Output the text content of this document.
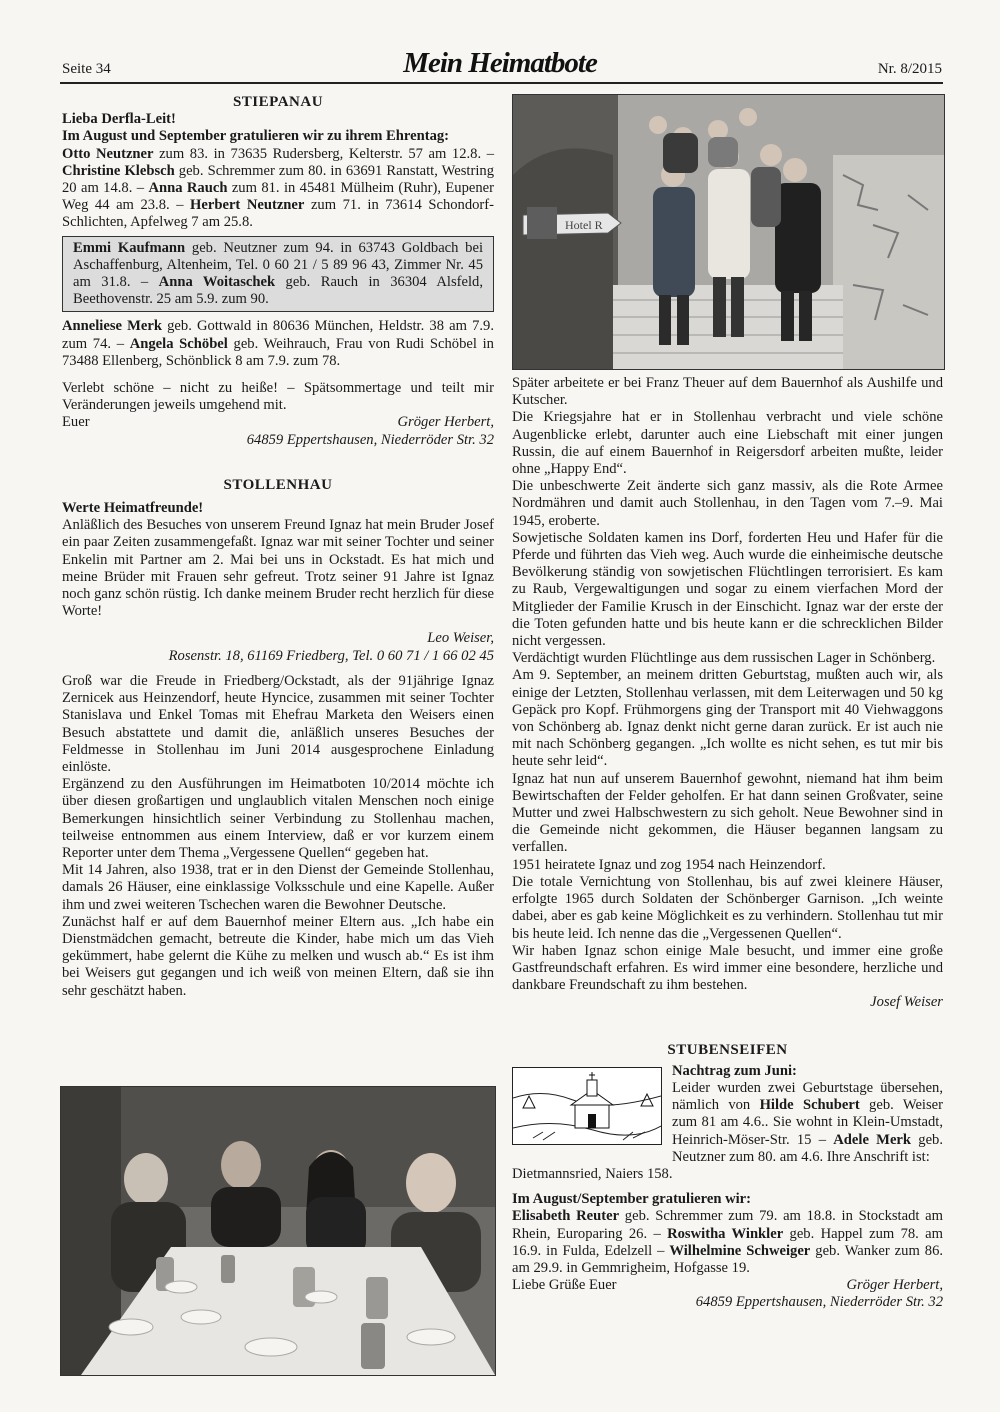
Seite 34	Mein Heimatbote	Nr. 8/2015

STIEPANAU

Lieba Derfla-Leit!

Im August und September gratulieren wir zu ihrem Ehrentag:

Otto Neutzner zum 83. in 73635 Rudersberg, Kelterstr. 57 am 12.8. – Christine Klebsch geb. Schremmer zum 80. in 63691 Ranstatt, Westring 20 am 14.8. – Anna Rauch zum 81. in 45481 Mülheim (Ruhr), Eupener Weg 44 am 23.8. – Herbert Neutzner zum 71. in 73614 Schondorf-Schlichten, Apfelweg 7 am 25.8.

Emmi Kaufmann geb. Neutzner zum 94. in 63743 Goldbach bei Aschaffenburg, Altenheim, Tel. 0 60 21 / 5 89 96 43, Zimmer Nr. 45 am 31.8. – Anna Woitaschek geb. Rauch in 36304 Alsfeld, Beethovenstr. 25 am 5.9. zum 90.

Anneliese Merk geb. Gottwald in 80636 München, Heldstr. 38 am 7.9. zum 74. – Angela Schöbel geb. Weihrauch, Frau von Rudi Schöbel in 73488 Ellenberg, Schönblick 8 am 7.9. zum 78.

Verlebt schöne – nicht zu heiße! – Spätsommertage und teilt mir Veränderungen jeweils umgehend mit.

Euer	Gröger Herbert,

64859 Eppertshausen, Niederröder Str. 32

STOLLENHAU

Werte Heimatfreunde!

Anläßlich des Besuches von unserem Freund Ignaz hat mein Bruder Josef ein paar Zeiten zusammengefaßt. Ignaz war mit seiner Tochter und seiner Enkelin mit Partner am 2. Mai bei uns in Ockstadt. Es hat mich und meine Brüder mit Frauen sehr gefreut. Trotz seiner 91 Jahre ist Ignaz noch ganz schön rüstig. Ich danke meinem Bruder recht herzlich für diese Worte!

Leo Weiser,

Rosenstr. 18, 61169 Friedberg, Tel. 0 60 71 / 1 66 02 45

Groß war die Freude in Friedberg/Ockstadt, als der 91jährige Ignaz Zernicek aus Heinzendorf, heute Hyncice, zusammen mit seiner Tochter Stanislava und Enkel Tomas mit Ehefrau Marketa den Weisers einen Besuch abstattete und damit die, anläßlich unseres Besuches der Feldmesse in Stollenhau im Juni 2014 ausgesprochene Einladung einlöste.

Ergänzend zu den Ausführungen im Heimatboten 10/2014 möchte ich über diesen großartigen und unglaublich vitalen Menschen noch einige Bemerkungen hinsichtlich seiner Verbindung zu Stollenhau machen, teilweise entnommen aus einem Interview, daß er vor kurzem einem Reporter unter dem Thema „Vergessene Quellen“ gegeben hat.

Mit 14 Jahren, also 1938, trat er in den Dienst der Gemeinde Stollenhau, damals 26 Häuser, eine einklassige Volksschule und eine Kapelle. Außer ihm und zwei weiteren Tschechen waren die Bewohner Deutsche.

Zunächst half er auf dem Bauernhof meiner Eltern aus. „Ich habe ein Dienstmädchen gemacht, betreute die Kinder, habe mich um das Vieh gekümmert, habe gelernt die Kühe zu melken und wusch ab.“ Es ist ihm bei Weisers gut gegangen und ich weiß von meinen Eltern, daß sie ihn sehr geschätzt haben.

Hotel R

Später arbeitete er bei Franz Theuer auf dem Bauernhof als Aushilfe und Kutscher.

Die Kriegsjahre hat er in Stollenhau verbracht und viele schöne Augenblicke erlebt, darunter auch eine Liebschaft mit einer jungen Russin, die auf einem Bauernhof in Reigersdorf arbeiten mußte, leider ohne „Happy End“.

Die unbeschwerte Zeit änderte sich ganz massiv, als die Rote Armee Nordmähren und damit auch Stollenhau, in den Tagen vom 7.–9. Mai 1945, eroberte.

Sowjetische Soldaten kamen ins Dorf, forderten Heu und Hafer für die Pferde und führten das Vieh weg. Auch wurde die einheimische deutsche Bevölkerung ständig von sowjetischen Flüchtlingen terrorisiert. Es kam zu Raub, Vergewaltigungen und sogar zu einem vierfachen Mord der Mitglieder der Familie Krusch in der Einschicht. Ignaz war der erste der die Toten gefunden hatte und bis heute kann er die schrecklichen Bilder nicht vergessen.

Verdächtigt wurden Flüchtlinge aus dem russischen Lager in Schönberg.

Am 9. September, an meinem dritten Geburtstag, mußten auch wir, als einige der Letzten, Stollenhau verlassen, mit dem Leiterwagen und 50 kg Gepäck pro Kopf. Frühmorgens ging der Transport mit 40 Viehwaggons von Schönberg ab. Ignaz denkt nicht gerne daran zurück. Er ist auch nie mit nach Schönberg gegangen. „Ich wollte es nicht sehen, es tut mir bis heute sehr leid“.

Ignaz hat nun auf unserem Bauernhof gewohnt, niemand hat ihm beim Bewirtschaften der Felder geholfen. Er hat dann seinen Großvater, seine Mutter und zwei Halbschwestern zu sich geholt. Neue Bewohner sind in die Gemeinde nicht gekommen, die Häuser begannen langsam zu verfallen.

1951 heiratete Ignaz und zog 1954 nach Heinzendorf.

Die totale Vernichtung von Stollenhau, bis auf zwei kleinere Häuser, erfolgte 1965 durch Soldaten der Schönberger Garnison. „Ich weinte dabei, aber es gab keine Möglichkeit es zu verhindern. Stollenhau tut mir bis heute leid. Ich nenne das die „Vergessenen Quellen“.

Wir haben Ignaz schon einige Male besucht, und immer eine große Gastfreundschaft erfahren. Es wird immer eine besondere, herzliche und dankbare Freundschaft zu ihm bestehen.

Josef Weiser

STUBENSEIFEN

Nachtrag zum Juni:

Leider wurden zwei Geburtstage übersehen, nämlich von Hilde Schubert geb. Weiser zum 81 am 4.6.. Sie wohnt in Klein-Umstadt, Heinrich-Möser-Str. 15 – Adele Merk geb. Neutzner zum 80. am 4.6. Ihre Anschrift ist:

Dietmannsried, Naiers 158.

Im August/September gratulieren wir:

Elisabeth Reuter geb. Schremmer zum 79. am 18.8. in Stockstadt am Rhein, Europaring 26. – Roswitha Winkler geb. Happel zum 78. am 16.9. in Fulda, Edelzell – Wilhelmine Schweiger geb. Wanker zum 86. am 29.9. in Gemmrigheim, Hofgasse 19.

Liebe Grüße Euer	Gröger Herbert,

64859 Eppertshausen, Niederröder Str. 32
